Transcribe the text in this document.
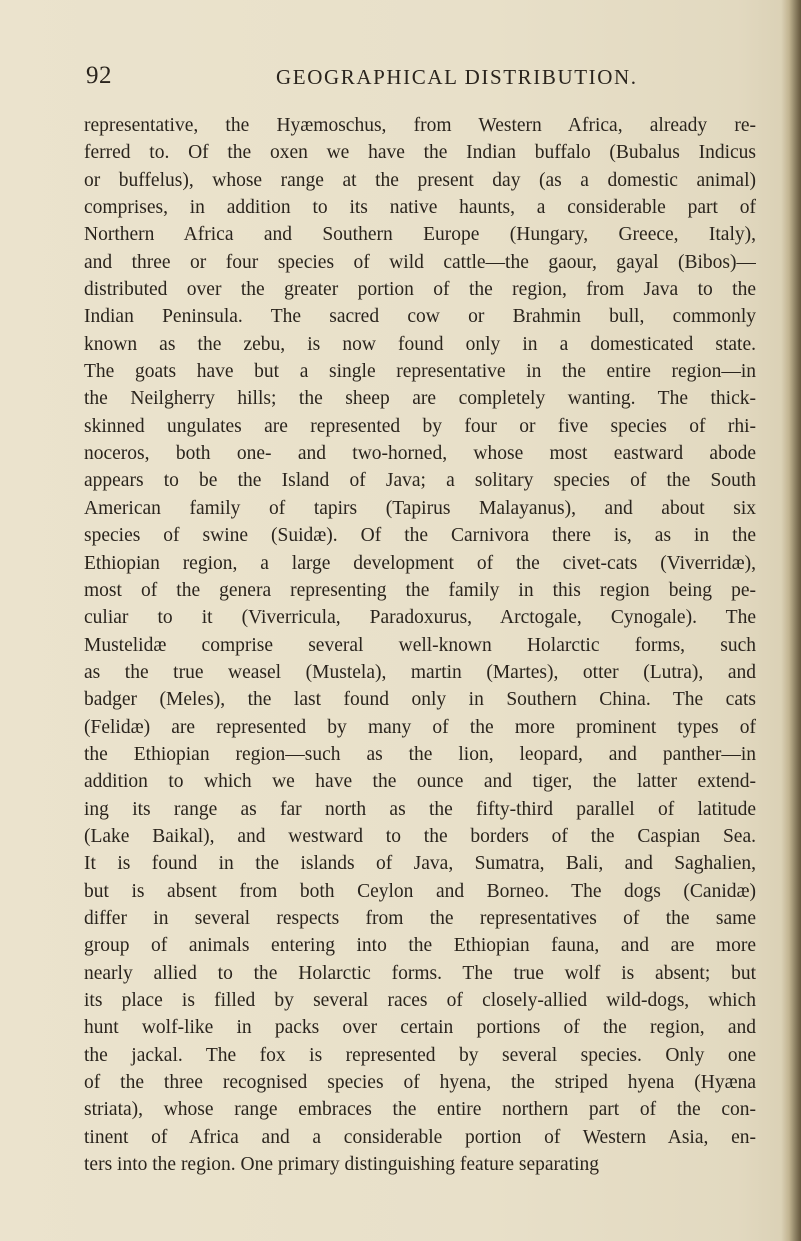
92	GEOGRAPHICAL DISTRIBUTION.
representative, the Hyæmoschus, from Western Africa, already re-
ferred to. Of the oxen we have the Indian buffalo (Bubalus Indicus
or buffelus), whose range at the present day (as a domestic animal)
comprises, in addition to its native haunts, a considerable part of
Northern Africa and Southern Europe (Hungary, Greece, Italy),
and three or four species of wild cattle—the gaour, gayal (Bibos)—
distributed over the greater portion of the region, from Java to the
Indian Peninsula. The sacred cow or Brahmin bull, commonly
known as the zebu, is now found only in a domesticated state.
The goats have but a single representative in the entire region—in
the Neilgherry hills; the sheep are completely wanting. The thick-
skinned ungulates are represented by four or five species of rhi-
noceros, both one- and two-horned, whose most eastward abode
appears to be the Island of Java; a solitary species of the South
American family of tapirs (Tapirus Malayanus), and about six
species of swine (Suidæ). Of the Carnivora there is, as in the
Ethiopian region, a large development of the civet-cats (Viverridæ),
most of the genera representing the family in this region being pe-
culiar to it (Viverricula, Paradoxurus, Arctogale, Cynogale). The
Mustelidæ comprise several well-known Holarctic forms, such
as the true weasel (Mustela), martin (Martes), otter (Lutra), and
badger (Meles), the last found only in Southern China. The cats
(Felidæ) are represented by many of the more prominent types of
the Ethiopian region—such as the lion, leopard, and panther—in
addition to which we have the ounce and tiger, the latter extend-
ing its range as far north as the fifty-third parallel of latitude
(Lake Baikal), and westward to the borders of the Caspian Sea.
It is found in the islands of Java, Sumatra, Bali, and Saghalien,
but is absent from both Ceylon and Borneo. The dogs (Canidæ)
differ in several respects from the representatives of the same
group of animals entering into the Ethiopian fauna, and are more
nearly allied to the Holarctic forms. The true wolf is absent; but
its place is filled by several races of closely-allied wild-dogs, which
hunt wolf-like in packs over certain portions of the region, and
the jackal. The fox is represented by several species. Only one
of the three recognised species of hyena, the striped hyena (Hyæna
striata), whose range embraces the entire northern part of the con-
tinent of Africa and a considerable portion of Western Asia, en-
ters into the region. One primary distinguishing feature separating
